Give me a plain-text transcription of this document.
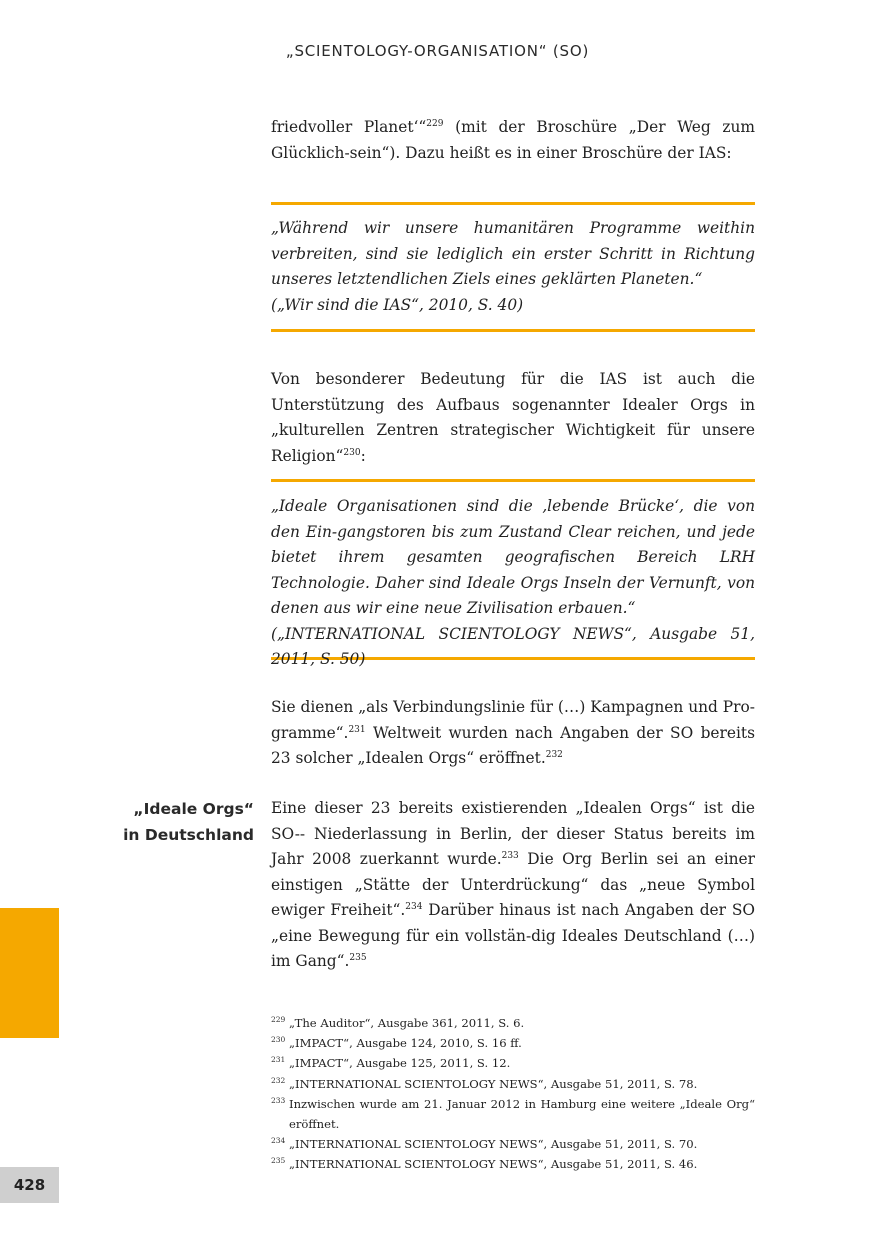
„SCIENTOLOGY-ORGANISATION“ (SO)
friedvoller Planet‘“$^{229}$ (mit der Broschüre „Der Weg zum Glücklich-sein“). Dazu heißt es in einer Broschüre der IAS:

„Während wir unsere humanitären Programme weithin verbreiten, sind sie lediglich ein erster Schritt in Richtung unseres letztendlichen Ziels eines geklärten Planeten.“

(„Wir sind die IAS“, 2010, S. 40)

Von besonderer Bedeutung für die IAS ist auch die Unterstützung des Aufbaus sogenannter Idealer Orgs in „kulturellen Zentren strategischer Wichtigkeit für unsere Religion“$^{230}$:

„Ideale Organisationen sind die ‚lebende Brücke‘, die von den Ein-gangstoren bis zum Zustand Clear reichen, und jede bietet ihrem gesamten geografischen Bereich LRH Technologie. Daher sind Ideale Orgs Inseln der Vernunft, von denen aus wir eine neue Zivilisation erbauen.“

(„INTERNATIONAL SCIENTOLOGY NEWS“, Ausgabe 51, 2011, S. 50)

Sie dienen „als Verbindungslinie für (…) Kampagnen und Pro-gramme“.$^{231}$ Weltweit wurden nach Angaben der SO bereits 23 solcher „Idealen Orgs“ eröffnet.$^{232}$
„Ideale Orgs“
in Deutschland
Eine dieser 23 bereits existierenden „Idealen Orgs“ ist die SO-- Niederlassung in Berlin, der dieser Status bereits im Jahr 2008 zuerkannt wurde.$^{233}$ Die Org Berlin sei an einer einstigen „Stätte der Unterdrückung“ das „neue Symbol ewiger Freiheit“.$^{234}$ Darüber hinaus ist nach Angaben der SO „eine Bewegung für ein vollstän-dig Ideales Deutschland (…) im Gang“.$^{235}$
229 „The Auditor“, Ausgabe 361, 2011, S. 6.
230 „IMPACT“, Ausgabe 124, 2010, S. 16 ff.
231 „IMPACT“, Ausgabe 125, 2011, S. 12.
232 „INTERNATIONAL SCIENTOLOGY NEWS“, Ausgabe 51, 2011, S. 78.
233 Inzwischen wurde am 21. Januar 2012 in Hamburg eine weitere „Ideale Org“ eröffnet.
234 „INTERNATIONAL SCIENTOLOGY NEWS“, Ausgabe 51, 2011, S. 70.
235 „INTERNATIONAL SCIENTOLOGY NEWS“, Ausgabe 51, 2011, S. 46.
428
